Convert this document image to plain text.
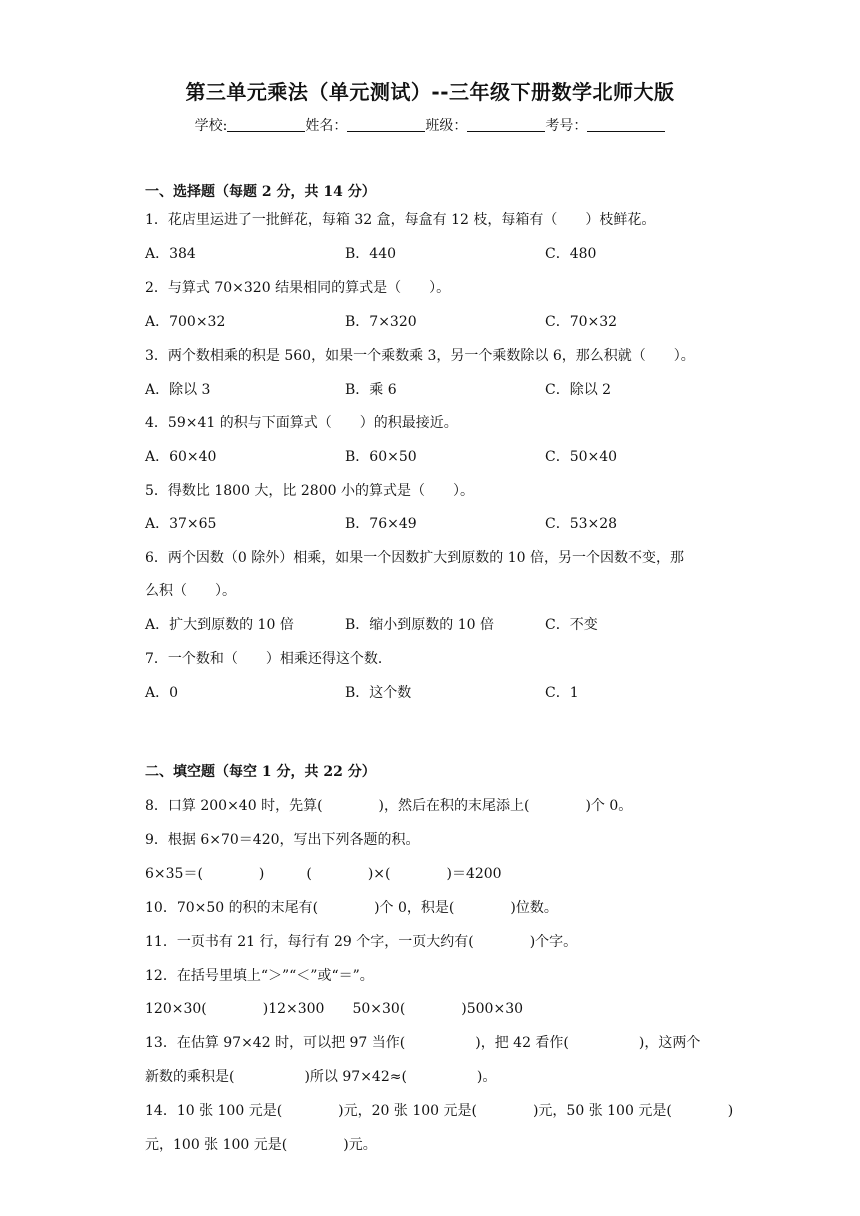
第三单元乘法（单元测试）--三年级下册数学北师大版
学校:	姓名：	班级：	考号：
一、选择题（每题 2 分，共 14 分）
1．花店里运进了一批鲜花，每箱 32 盒，每盒有 12 枝，每箱有（　　）枝鲜花。
A．384	B．440	C．480
2．与算式 70×320 结果相同的算式是（　　）。
A．700×32	B．7×320	C．70×32
3．两个数相乘的积是 560，如果一个乘数乘 3，另一个乘数除以 6，那么积就（　　）。
A．除以 3	B．乘 6	C．除以 2
4．59×41 的积与下面算式（　　）的积最接近。
A．60×40	B．60×50	C．50×40
5．得数比 1800 大，比 2800 小的算式是（　　）。
A．37×65	B．76×49	C．53×28
6．两个因数（0 除外）相乘，如果一个因数扩大到原数的 10 倍，另一个因数不变，那
么积（　　）。
A．扩大到原数的 10 倍	B．缩小到原数的 10 倍	C．不变
7．一个数和（　　）相乘还得这个数．
A．0	B．这个数	C．1
二、填空题（每空 1 分，共 22 分）
8．口算 200×40 时，先算(　　　　)，然后在积的末尾添上(　　　　)个 0。
9．根据 6×70＝420，写出下列各题的积。
6×35＝(　　　　)　　　(　　　　)×(　　　　)＝4200
10．70×50 的积的末尾有(　　　　)个 0，积是(　　　　)位数。
11．一页书有 21 行，每行有 29 个字，一页大约有(　　　　)个字。
12．在括号里填上“＞”“＜”或“＝”。
120×30(　　　　)12×300　　50×30(　　　　)500×30
13．在估算 97×42 时，可以把 97 当作(　　　　　)，把 42 看作(　　　　　)，这两个
新数的乘积是(　　　　　)所以 97×42≈(　　　　　)。
14．10 张 100 元是(　　　　)元，20 张 100 元是(　　　　)元，50 张 100 元是(　　　　)
元，100 张 100 元是(　　　　)元。
